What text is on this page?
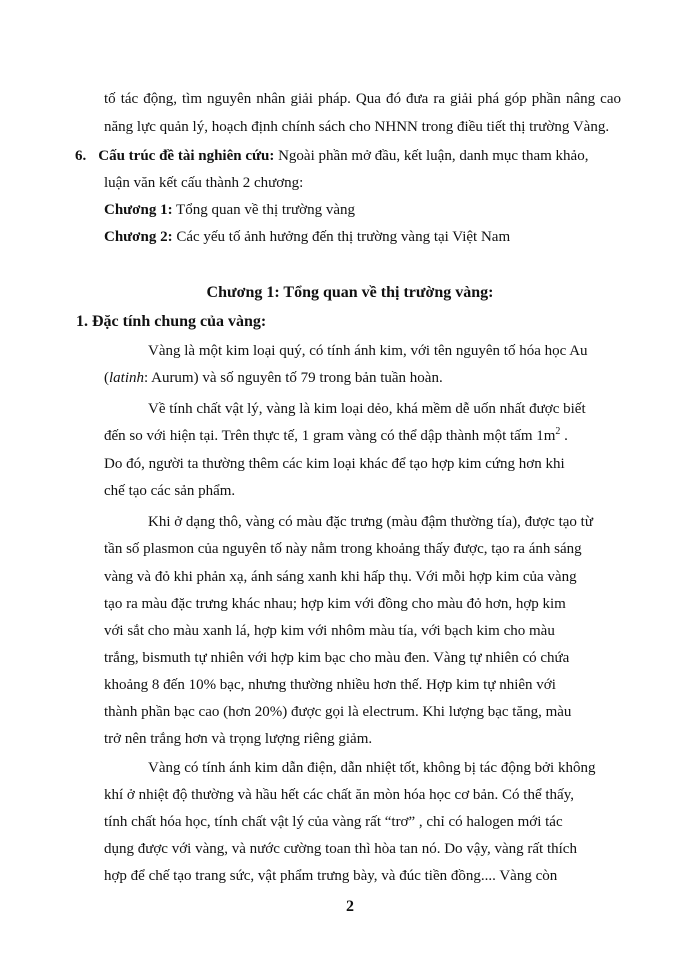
tố tác động, tìm nguyên nhân giải pháp. Qua đó đưa ra giải phá góp phần nâng cao
năng lực quản lý, hoạch định chính sách cho NHNN trong điều tiết thị trường Vàng.
6. Cấu trúc đề tài nghiên cứu: Ngoài phần mở đầu, kết luận, danh mục tham khảo,
luận văn kết cấu thành 2 chương:
Chương 1: Tổng quan về thị trường vàng
Chương 2: Các yếu tố ảnh hưởng đến thị trường vàng tại Việt Nam
Chương 1: Tổng quan về thị trường vàng:
1. Đặc tính chung của vàng:
Vàng là một kim loại quý, có tính ánh kim, với tên nguyên tố hóa học Au
(latinh: Aurum) và số nguyên tố 79 trong bản tuần hoàn.
Về tính chất vật lý, vàng là kim loại dẻo, khá mềm dễ uốn nhất được biết
đến so với hiện tại. Trên thực tế, 1 gram vàng có thể dập thành một tấm $1m^2$ .
Do đó, người ta thường thêm các kim loại khác để tạo hợp kim cứng hơn khi
chế tạo các sản phẩm.
Khi ở dạng thô, vàng có màu đặc trưng (màu đậm thường tía), được tạo từ
tần số plasmon của nguyên tố này nằm trong khoảng thấy được, tạo ra ánh sáng
vàng và đỏ khi phản xạ, ánh sáng xanh khi hấp thụ. Với mỗi hợp kim của vàng
tạo ra màu đặc trưng khác nhau; hợp kim với đồng cho màu đỏ hơn, hợp kim
với sắt cho màu xanh lá, hợp kim với nhôm màu tía, với bạch kim cho màu
trắng, bismuth tự nhiên với hợp kim bạc cho màu đen. Vàng tự nhiên có chứa
khoảng 8 đến 10% bạc, nhưng thường nhiều hơn thế. Hợp kim tự nhiên với
thành phần bạc cao (hơn 20%) được gọi là electrum. Khi lượng bạc tăng, màu
trở nên trắng hơn và trọng lượng riêng giảm.
Vàng có tính ánh kim dẫn điện, dẫn nhiệt tốt, không bị tác động bởi không
khí ở nhiệt độ thường và hầu hết các chất ăn mòn hóa học cơ bản. Có thể thấy,
tính chất hóa học, tính chất vật lý của vàng rất “trơ” , chỉ có halogen mới tác
dụng được với vàng, và nước cường toan thì hòa tan nó. Do vậy, vàng rất thích
hợp để chế tạo trang sức, vật phẩm trưng bày, và đúc tiền đồng.... Vàng còn
2
